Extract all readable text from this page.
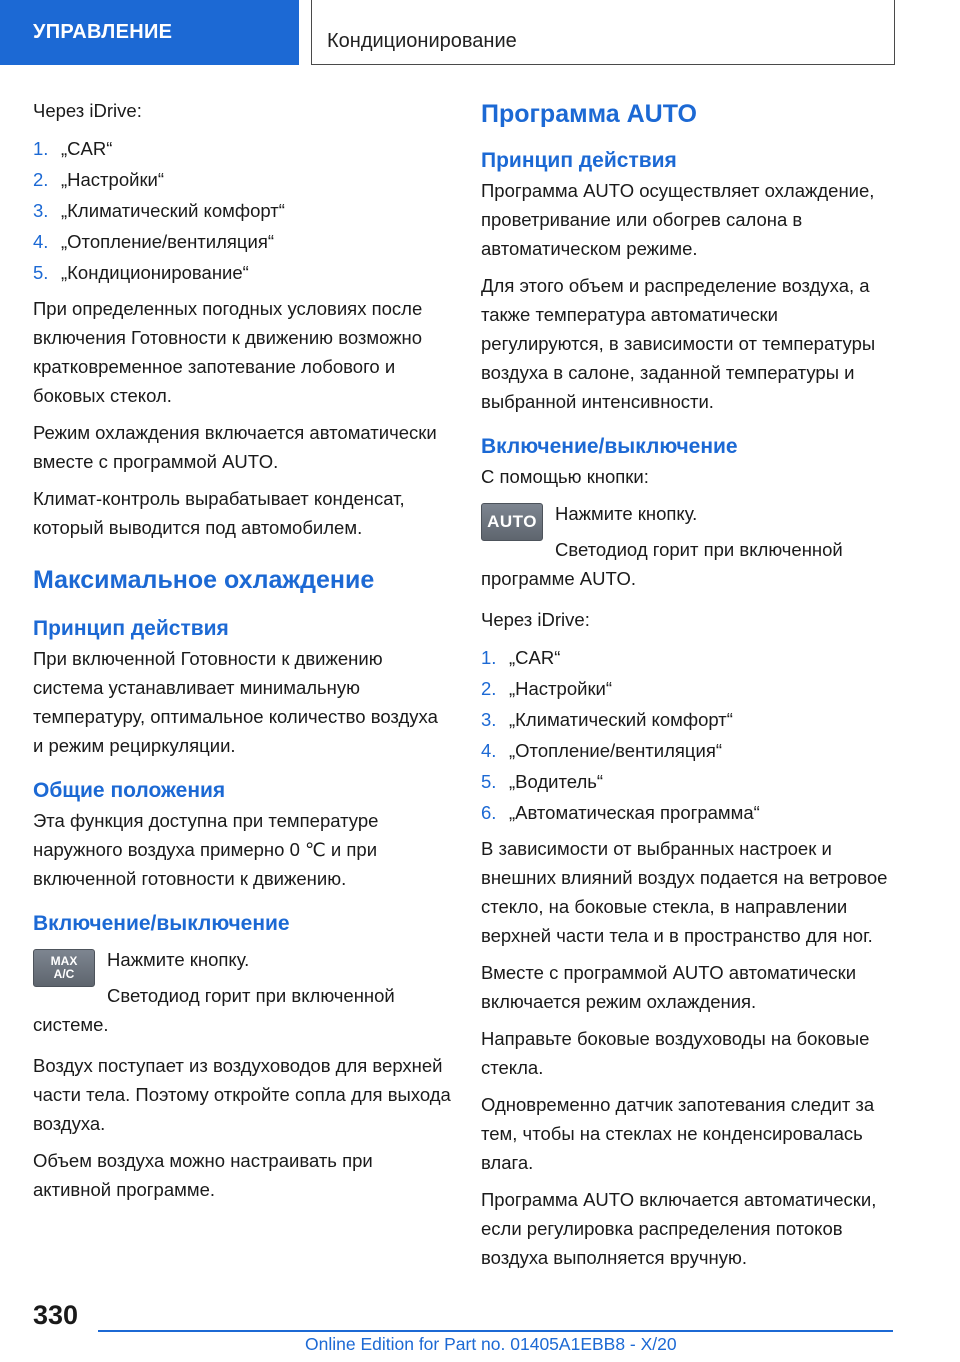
УПРАВЛЕНИЕ	Кондиционирование

Через iDrive:

1. „CAR“
2. „Настройки“
3. „Климатический комфорт“
4. „Отопление/вентиляция“
5. „Кондиционирование“

При определенных погодных условиях после включения Готовности к движению возможно кратковременное запотевание лобового и боковых стекол.

Режим охлаждения включается автоматически вместе с программой AUTO.

Климат-контроль вырабатывает конденсат, который выводится под автомобилем.

Максимальное охлаждение
Принцип действия

При включенной Готовности к движению система устанавливает минимальную температуру, оптимальное количество воздуха и режим рециркуляции.

Общие положения

Эта функция доступна при температуре наружного воздуха примерно 0 ℃ и при включенной готовности к движению.

Включение/выключение
MAX
A/C

Нажмите кнопку.

Светодиод горит при включенной системе.

Воздух поступает из воздуховодов для верхней части тела. Поэтому откройте сопла для выхода воздуха.

Объем воздуха можно настраивать при активной программе.

Программа AUTO
Принцип действия

Программа AUTO осуществляет охлаждение, проветривание или обогрев салона в автоматическом режиме.

Для этого объем и распределение воздуха, а также температура автоматически регулируются, в зависимости от температуры воздуха в салоне, заданной температуры и выбранной интенсивности.

Включение/выключение

С помощью кнопки:

AUTO Нажмите кнопку.

Светодиод горит при включенной программе AUTO.

Через iDrive:

1. „CAR“
2. „Настройки“
3. „Климатический комфорт“
4. „Отопление/вентиляция“
5. „Водитель“
6. „Автоматическая программа“

В зависимости от выбранных настроек и внешних влияний воздух подается на ветровое стекло, на боковые стекла, в направлении верхней части тела и в пространство для ног.

Вместе с программой AUTO автоматически включается режим охлаждения.

Направьте боковые воздуховоды на боковые стекла.

Одновременно датчик запотевания следит за тем, чтобы на стеклах не конденсировалась влага.

Программа AUTO включается автоматически, если регулировка распределения потоков воздуха выполняется вручную.

330
Online Edition for Part no. 01405A1EBB8 - X/20
